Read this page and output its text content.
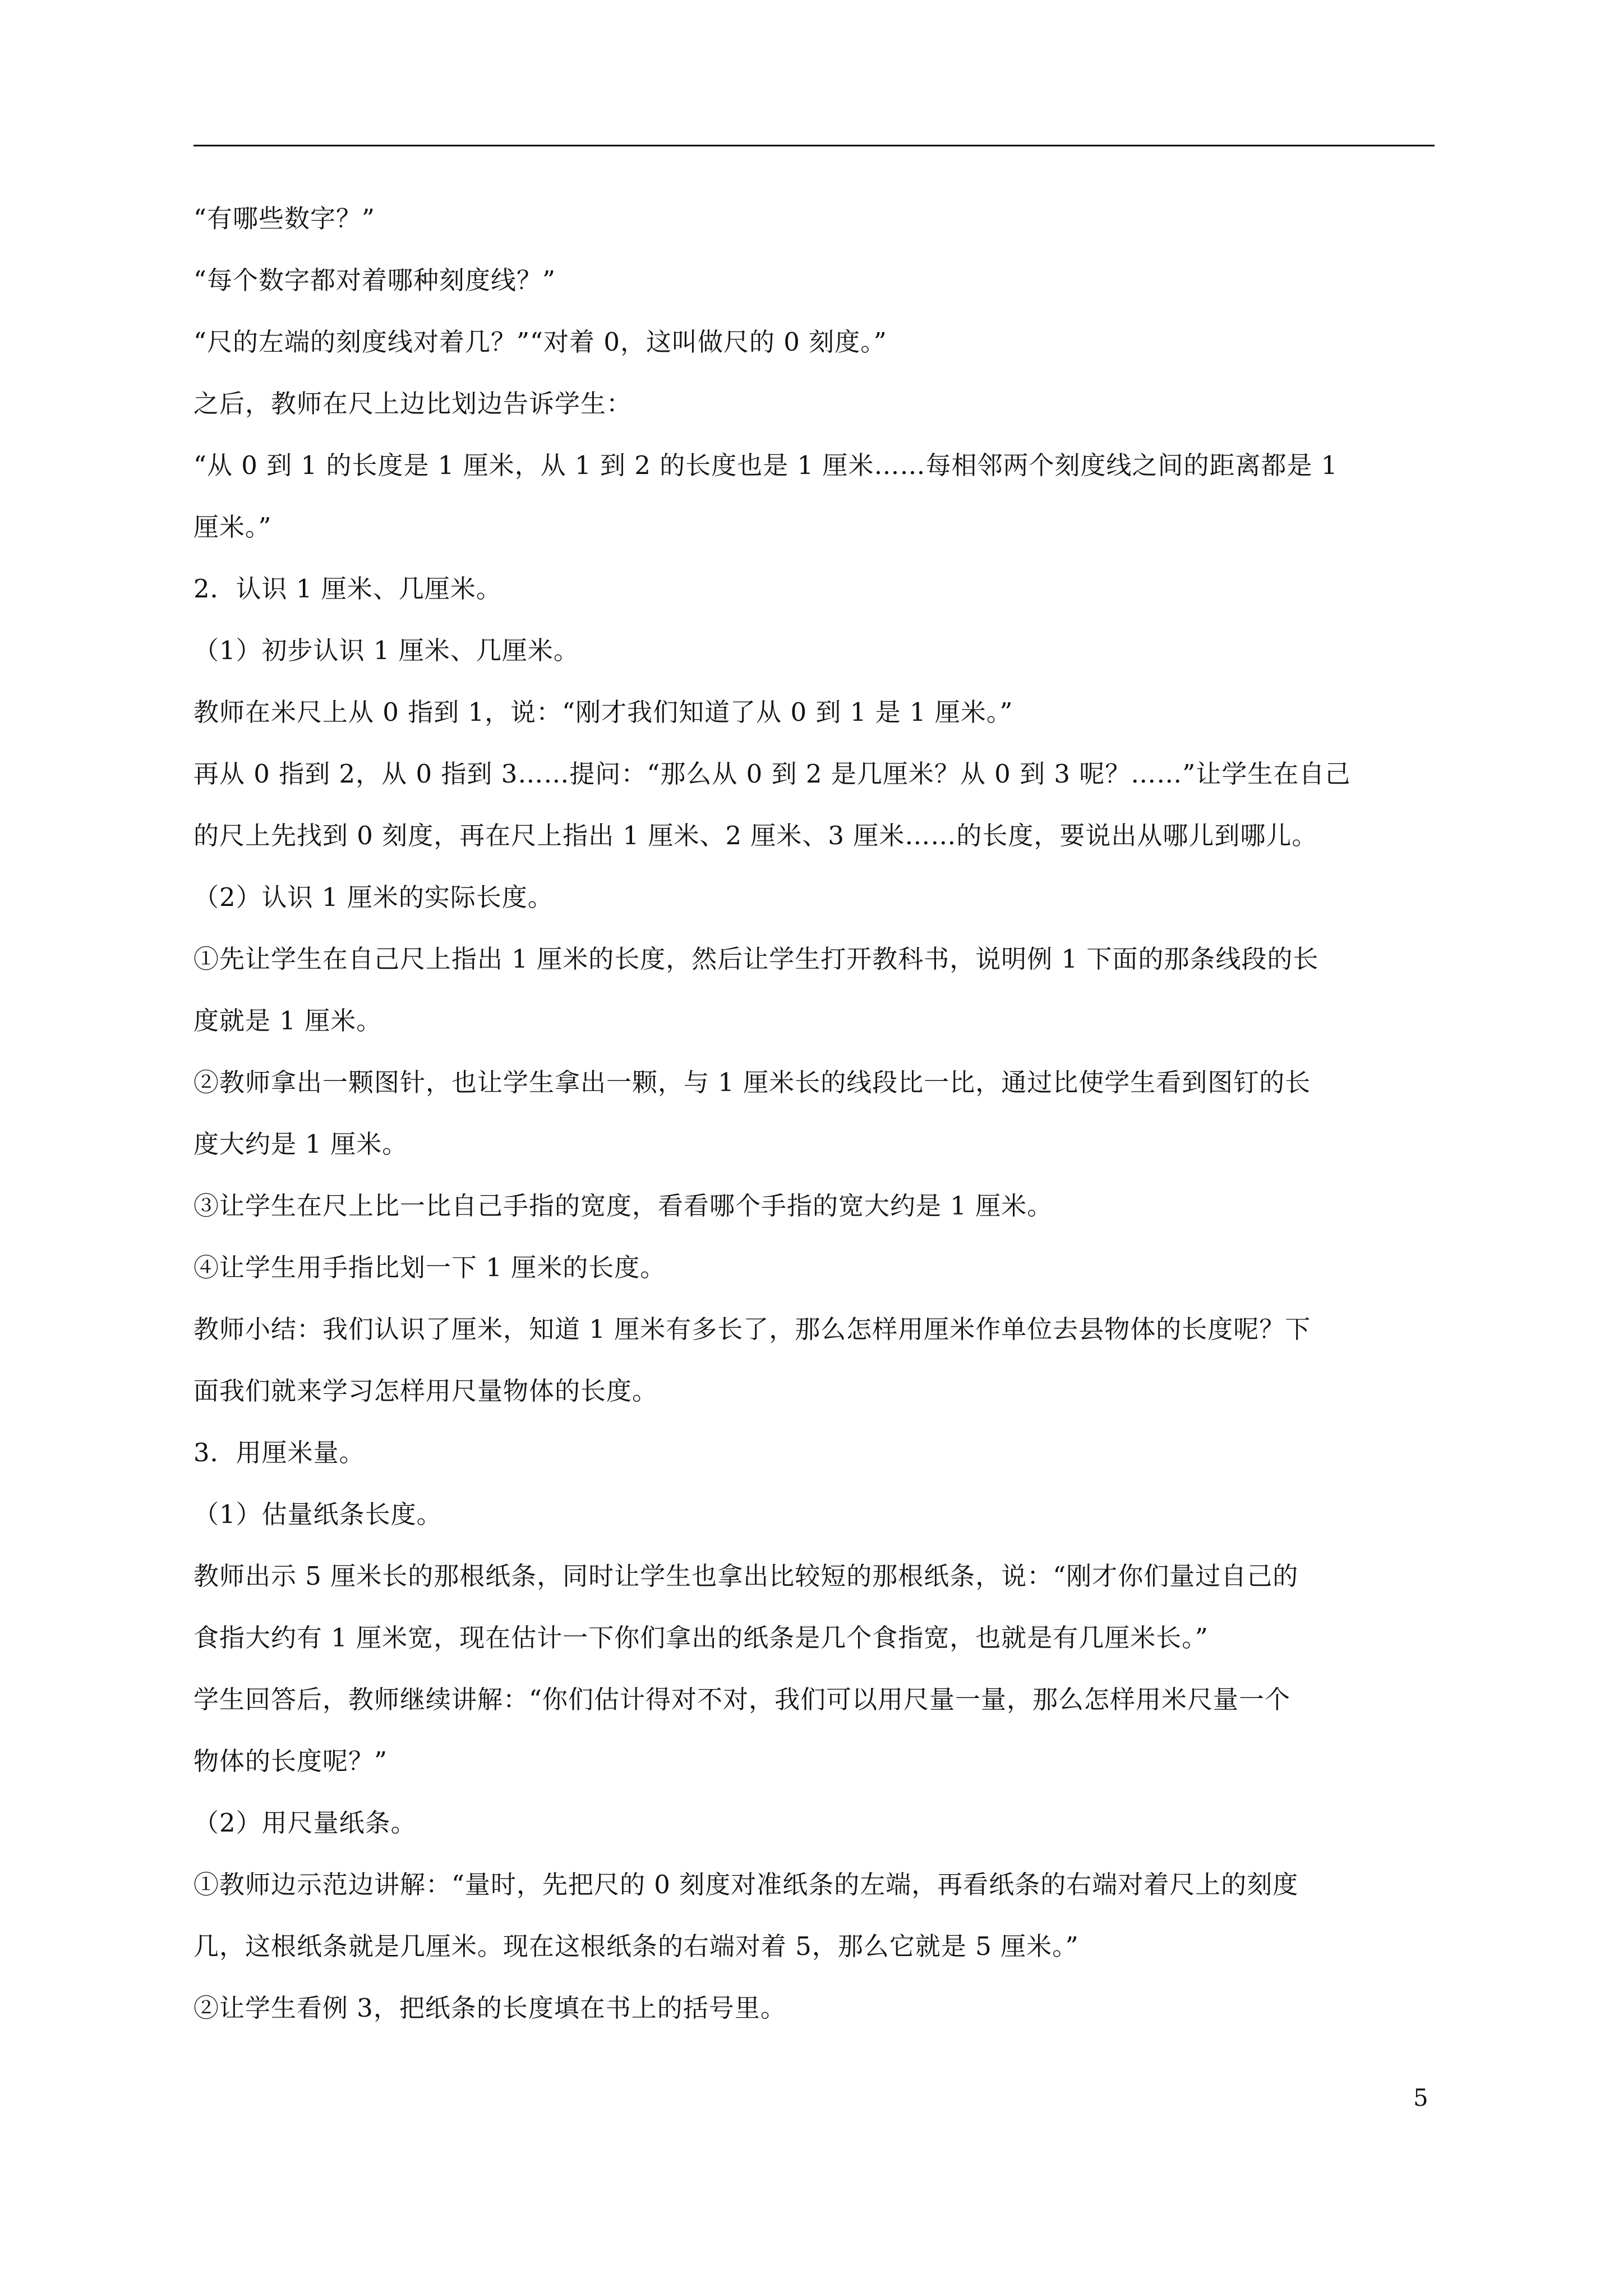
“有哪些数字？”
“每个数字都对着哪种刻度线？”
“尺的左端的刻度线对着几？”“对着 0，这叫做尺的 0 刻度。”
之后，教师在尺上边比划边告诉学生：
“从 0 到 1 的长度是 1 厘米，从 1 到 2 的长度也是 1 厘米……每相邻两个刻度线之间的距离都是 1
厘米。”
2．认识 1 厘米、几厘米。
（1）初步认识 1 厘米、几厘米。
教师在米尺上从 0 指到 1，说：“刚才我们知道了从 0 到 1 是 1 厘米。”
再从 0 指到 2，从 0 指到 3……提问：“那么从 0 到 2 是几厘米？从 0 到 3 呢？……”让学生在自己
的尺上先找到 0 刻度，再在尺上指出 1 厘米、2 厘米、3 厘米……的长度，要说出从哪儿到哪儿。
（2）认识 1 厘米的实际长度。
①先让学生在自己尺上指出 1 厘米的长度，然后让学生打开教科书，说明例 1 下面的那条线段的长
度就是 1 厘米。
②教师拿出一颗图针，也让学生拿出一颗，与 1 厘米长的线段比一比，通过比使学生看到图钉的长
度大约是 1 厘米。
③让学生在尺上比一比自己手指的宽度，看看哪个手指的宽大约是 1 厘米。
④让学生用手指比划一下 1 厘米的长度。
教师小结：我们认识了厘米，知道 1 厘米有多长了，那么怎样用厘米作单位去县物体的长度呢？下
面我们就来学习怎样用尺量物体的长度。
3．用厘米量。
（1）估量纸条长度。
教师出示 5 厘米长的那根纸条，同时让学生也拿出比较短的那根纸条，说：“刚才你们量过自己的
食指大约有 1 厘米宽，现在估计一下你们拿出的纸条是几个食指宽，也就是有几厘米长。”
学生回答后，教师继续讲解：“你们估计得对不对，我们可以用尺量一量，那么怎样用米尺量一个
物体的长度呢？”
（2）用尺量纸条。
①教师边示范边讲解：“量时，先把尺的 0 刻度对准纸条的左端，再看纸条的右端对着尺上的刻度
几，这根纸条就是几厘米。现在这根纸条的右端对着 5，那么它就是 5 厘米。”
②让学生看例 3，把纸条的长度填在书上的括号里。
5
